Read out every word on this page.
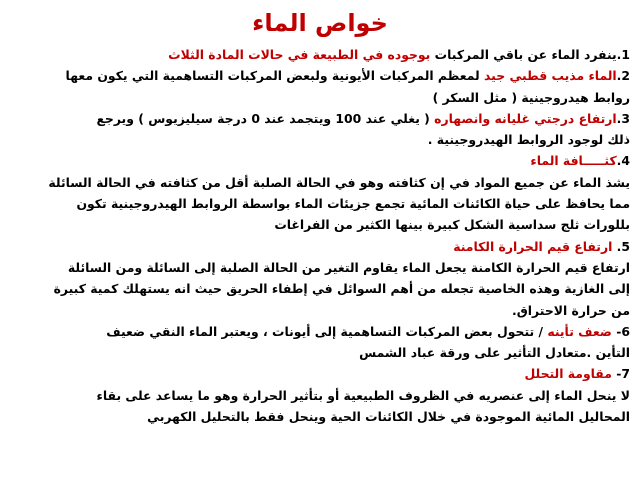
خواص الماء

1.ينفرد الماء عن باقي المركبات بوجوده في الطبيعة في حالات المادة الثلاث

2.الماء مذيب قطبي جيد لمعظم المركبات الأيونية ولبعض المركبات التساهمية التي يكون معها

روابط هيدروجينية ( مثل السكر )

3.ارتفاع درجتي غليانه وانصهاره ( يغلي عند 100 ويتجمد عند 0 درجة سيليزيوس ) ويرجع

ذلك لوجود الروابط الهيدروجينية .

4.كثـــــافة الماء

يشذ الماء عن جميع المواد في إن كثافته وهو في الحالة الصلبة أقل من كثافته في الحالة السائلة

مما يحافظ على حياة الكائنات المائية تجمع جزيئات الماء بواسطة الروابط الهيدروجينية تكون

بللورات ثلج سداسية الشكل كبيرة بينها الكثير من الفراغات

5. ارتفاع قيم الحرارة الكامنة

ارتفاع قيم الحرارة الكامنة يجعل الماء يقاوم التغير من الحالة الصلبة إلى السائلة ومن السائلة

إلى الغازية وهذه الخاصية تجعله من أهم السوائل في إطفاء الحريق حيث انه يستهلك كمية كبيرة

من حرارة الاحتراق.

6- ضعف تأينه / تتحول بعض المركبات التساهمية إلى أيونات ، ويعتبر الماء النقي ضعيف

التأين .متعادل التأثير على ورقة عباد الشمس

7- مقاومة التحلل

لا ينحل الماء إلى عنصريه في الظروف الطبيعية أو بتأثير الحرارة وهو ما يساعد على بقاء

المحاليل المائية الموجودة في خلال الكائنات الحية وينحل فقط بالتحليل الكهربي
